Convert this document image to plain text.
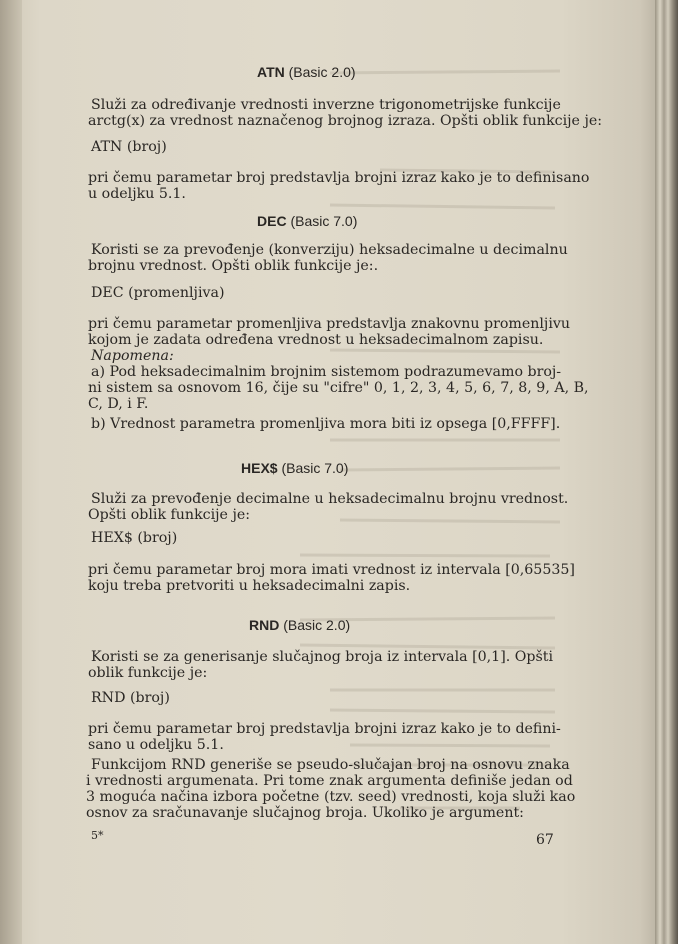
ATN (Basic 2.0)

Služi za određivanje vrednosti inverzne trigonometrijske funkcije

arctg(x) za vrednost naznačenog brojnog izraza. Opšti oblik funkcije je:

ATN (broj)

pri čemu parametar broj predstavlja brojni izraz kako je to definisano

u odeljku 5.1.

DEC (Basic 7.0)

Koristi se za prevođenje (konverziju) heksadecimalne u decimalnu

brojnu vrednost. Opšti oblik funkcije je:.

DEC (promenljiva)

pri čemu parametar promenljiva predstavlja znakovnu promenljivu

kojom je zadata određena vrednost u heksadecimalnom zapisu.

Napomena:

a) Pod heksadecimalnim brojnim sistemom podrazumevamo broj-

ni sistem sa osnovom 16, čije su "cifre" 0, 1, 2, 3, 4, 5, 6, 7, 8, 9, A, B,

C, D, i F.

b) Vrednost parametra promenljiva mora biti iz opsega [0,FFFF].

HEX$ (Basic 7.0)

Služi za prevođenje decimalne u heksadecimalnu brojnu vrednost.

Opšti oblik funkcije je:

HEX$ (broj)

pri čemu parametar broj mora imati vrednost iz intervala [0,65535]

koju treba pretvoriti u heksadecimalni zapis.

RND (Basic 2.0)

Koristi se za generisanje slučajnog broja iz intervala [0,1]. Opšti

oblik funkcije je:

RND (broj)

pri čemu parametar broj predstavlja brojni izraz kako je to defini-

sano u odeljku 5.1.

Funkcijom RND generiše se pseudo-slučajan broj na osnovu znaka

i vrednosti argumenata. Pri tome znak argumenta definiše jedan od

3 moguća načina izbora početne (tzv. seed) vrednosti, koja služi kao

osnov za sračunavanje slučajnog broja. Ukoliko je argument:

5*	67
